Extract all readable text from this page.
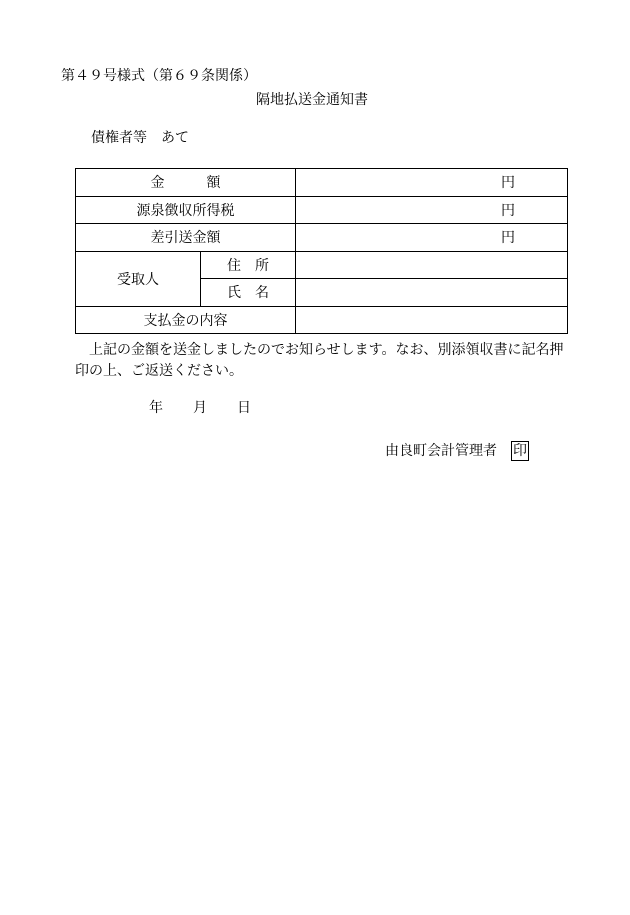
第４９号様式（第６９条関係）
隔地払送金通知書
債権者等 あて
金　　　額		円
源泉徴収所得税		円
差引送金額		円
受取人	住　所	
	氏　名	
支払金の内容		
　上記の金額を送金しましたのでお知らせします。なお、別添領収書に記名押印の上、ご返送ください。
年 月 日
由良町会計管理者 印
